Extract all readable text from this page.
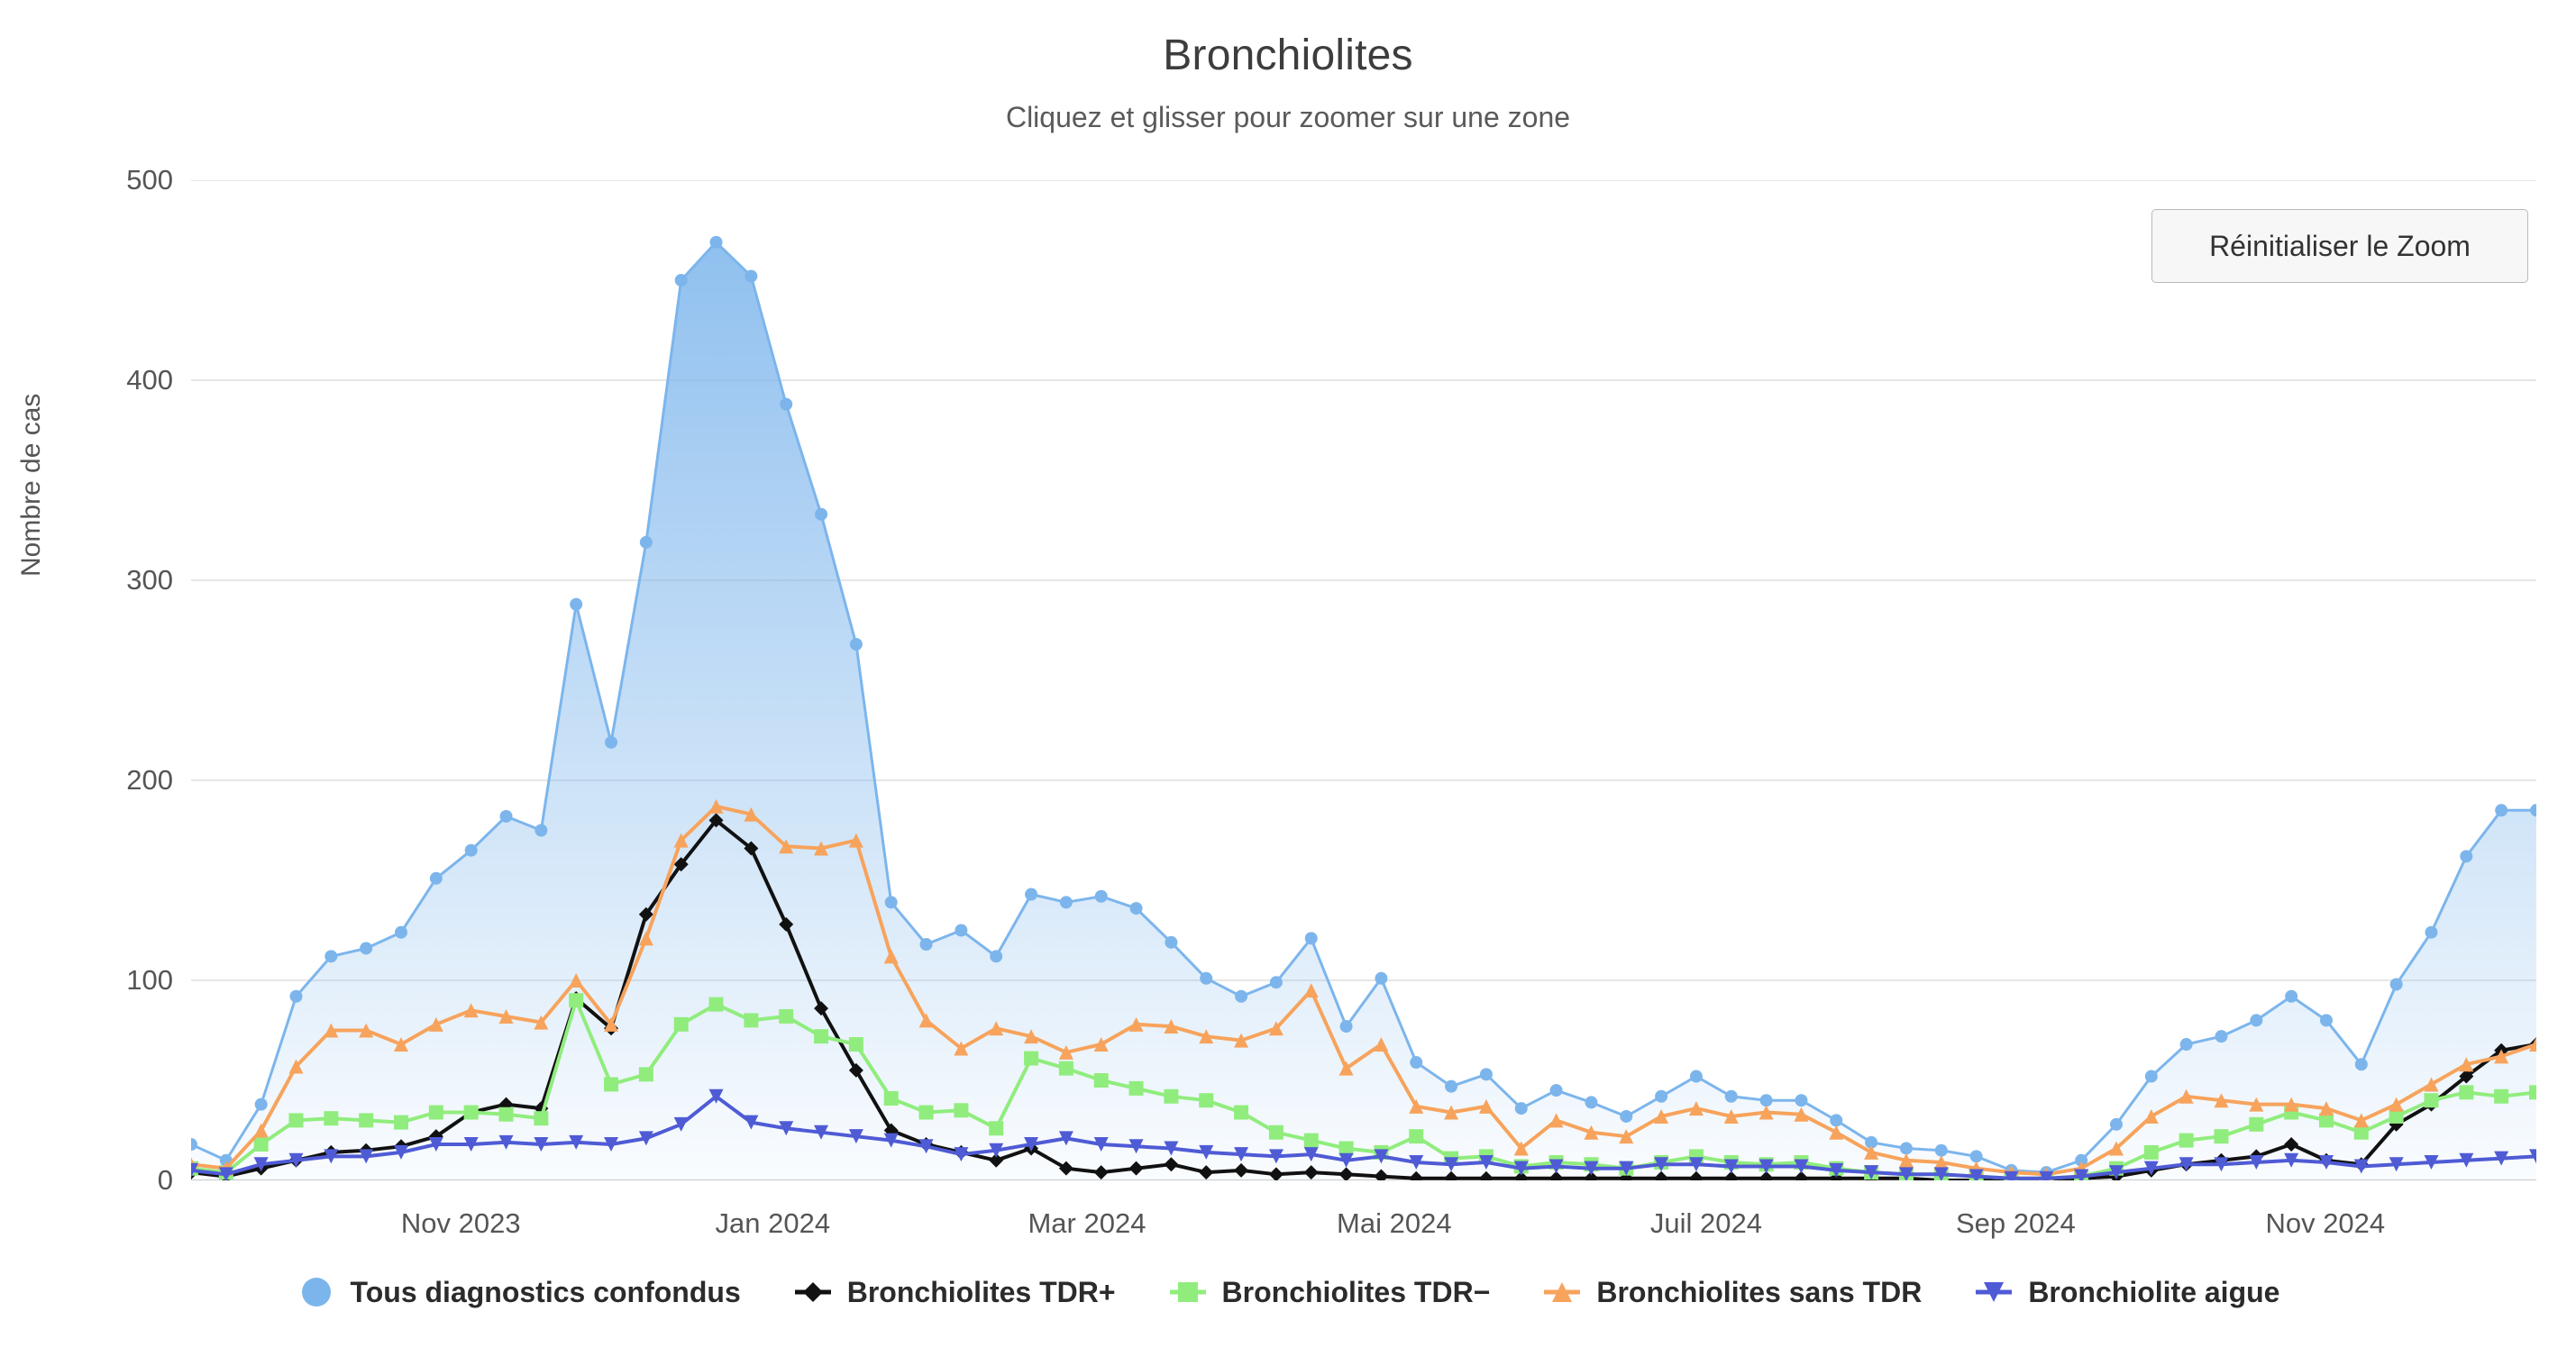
Bronchiolites
Cliquez et glisser pour zoomer sur une zone
Réinitialiser le Zoom
Nombre de cas
0
100
200
300
400
500
Nov 2023	Jan 2024	Mar 2024	Mai 2024	Juil 2024	Sep 2024	Nov 2024
Tous diagnostics confondus	Bronchiolites TDR+	Bronchiolites TDR−	Bronchiolites sans TDR	Bronchiolite aigue
